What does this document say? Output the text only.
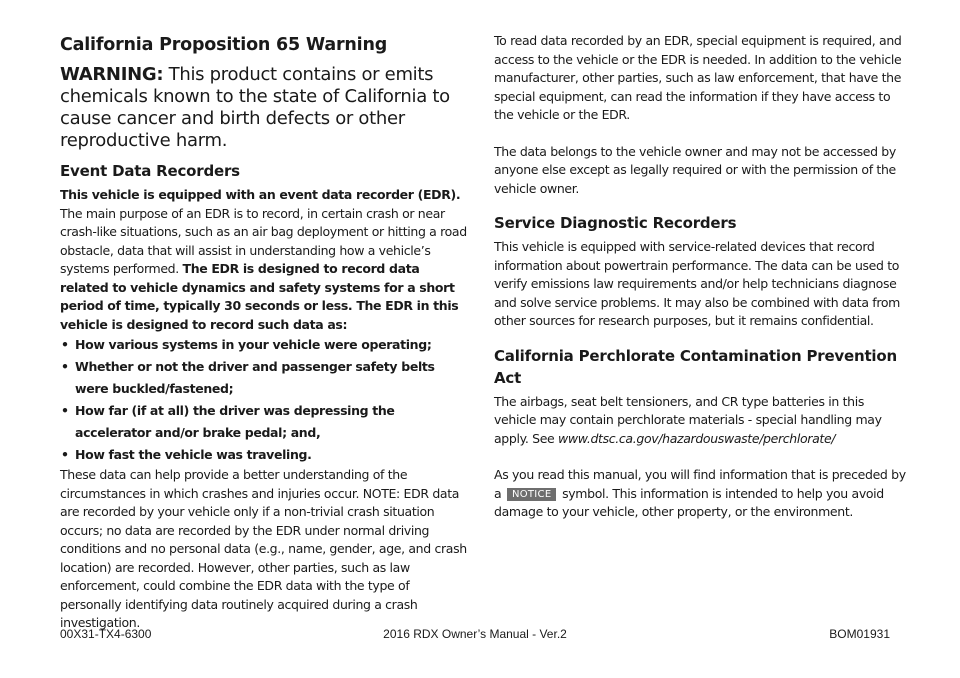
California Proposition 65 Warning
WARNING: This product contains or emits chemicals known to the state of California to cause cancer and birth defects or other reproductive harm.
Event Data Recorders

This vehicle is equipped with an event data recorder (EDR).

The main purpose of an EDR is to record, in certain crash or near crash-like situations, such as an air bag deployment or hitting a road obstacle, data that will assist in understanding how a vehicle’s systems performed. The EDR is designed to record data related to vehicle dynamics and safety systems for a short period of time, typically 30 seconds or less. The EDR in this vehicle is designed to record such data as:

• How various systems in your vehicle were operating;
• Whether or not the driver and passenger safety belts were buckled/fastened;
• How far (if at all) the driver was depressing the accelerator and/or brake pedal; and,
• How fast the vehicle was traveling.

These data can help provide a better understanding of the circumstances in which crashes and injuries occur. NOTE: EDR data are recorded by your vehicle only if a non-trivial crash situation occurs; no data are recorded by the EDR under normal driving conditions and no personal data (e.g., name, gender, age, and crash location) are recorded. However, other parties, such as law enforcement, could combine the EDR data with the type of personally identifying data routinely acquired during a crash investigation.

To read data recorded by an EDR, special equipment is required, and access to the vehicle or the EDR is needed. In addition to the vehicle manufacturer, other parties, such as law enforcement, that have the special equipment, can read the information if they have access to the vehicle or the EDR.

The data belongs to the vehicle owner and may not be accessed by anyone else except as legally required or with the permission of the vehicle owner.

Service Diagnostic Recorders

This vehicle is equipped with service-related devices that record information about powertrain performance. The data can be used to verify emissions law requirements and/or help technicians diagnose and solve service problems. It may also be combined with data from other sources for research purposes, but it remains confidential.

California Perchlorate Contamination Prevention Act

The airbags, seat belt tensioners, and CR type batteries in this vehicle may contain perchlorate materials - special handling may apply. See www.dtsc.ca.gov/hazardouswaste/perchlorate/

As you read this manual, you will find information that is preceded by a NOTICE symbol. This information is intended to help you avoid damage to your vehicle, other property, or the environment.

00X31-TX4-6300	2016 RDX Owner’s Manual - Ver.2	BOM01931
